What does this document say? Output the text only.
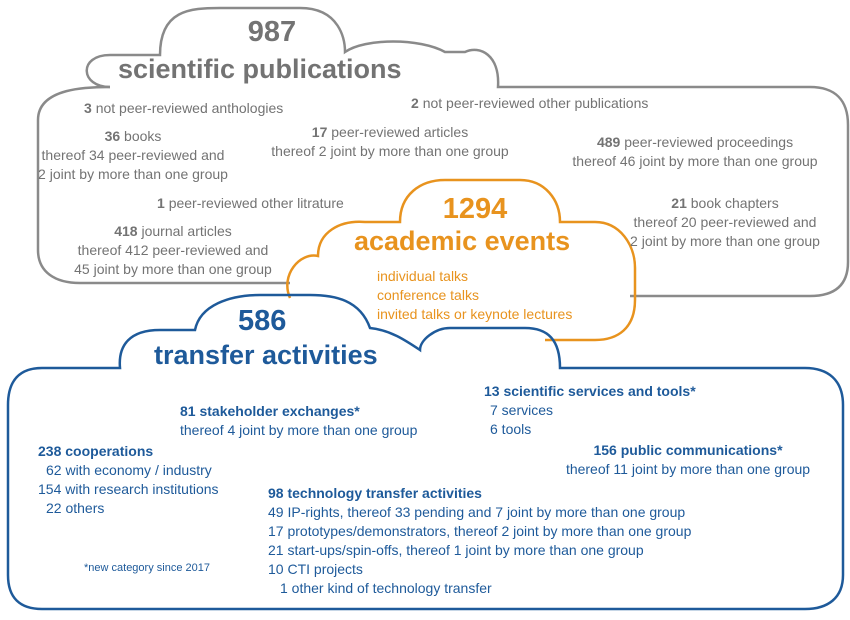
987
scientific publications
3 not peer-reviewed anthologies	2 not peer-reviewed other publications
36 books
thereof 34 peer-reviewed and
2 joint by more than one group
17 peer-reviewed articles
thereof 2 joint by more than one group
489 peer-reviewed proceedings
thereof 46 joint by more than one group
1 peer-reviewed other litrature	21 book chapters
thereof 20 peer-reviewed and
2 joint by more than one group
418 journal articles
thereof 412 peer-reviewed and
45 joint by more than one group
1294
academic events
individual talks
conference talks
invited talks or keynote lectures
586
transfer activities
13 scientific services and tools*
7 services
6 tools
81 stakeholder exchanges*
thereof 4 joint by more than one group
238 cooperations
62 with economy / industry
154 with research institutions
22 others
156 public communications*
thereof 11 joint by more than one group
98 technology transfer activities
49 IP-rights, thereof 33 pending and 7 joint by more than one group
17 prototypes/demonstrators, thereof 2 joint by more than one group
21 start-ups/spin-offs, thereof 1 joint by more than one group
10 CTI projects
1 other kind of technology transfer
*new category since 2017
